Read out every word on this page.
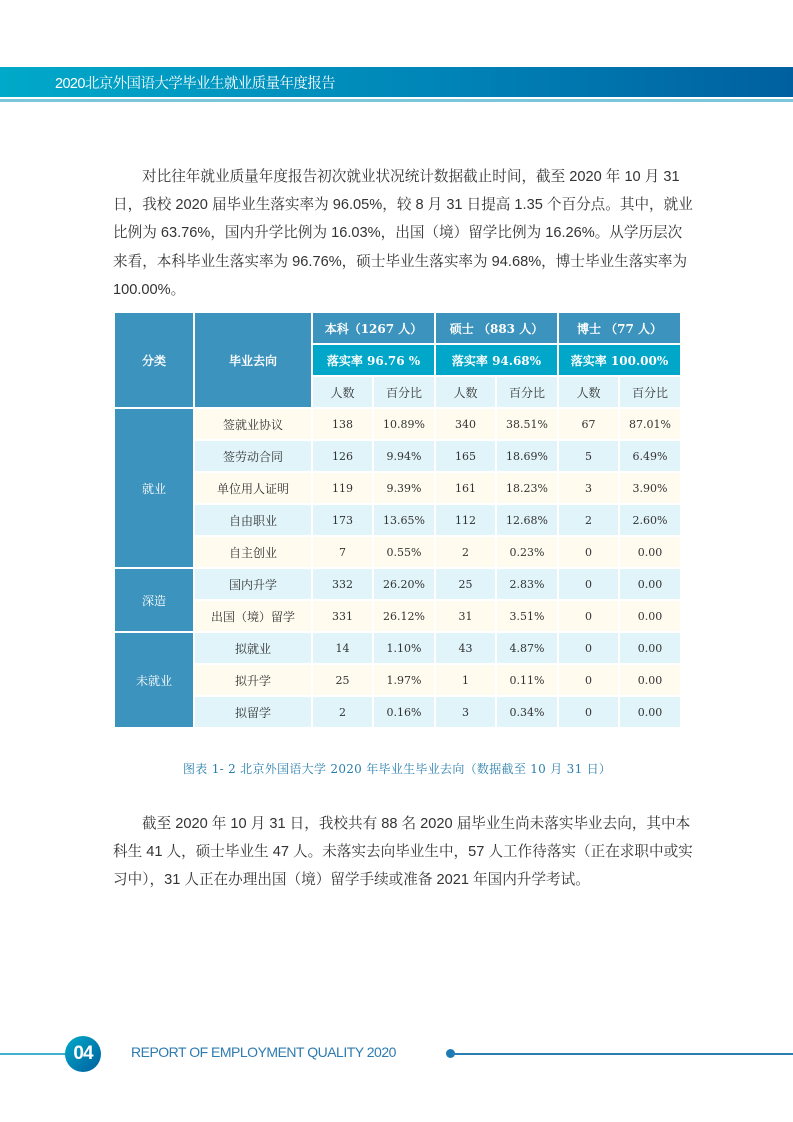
2020北京外国语大学毕业生就业质量年度报告
对比往年就业质量年度报告初次就业状况统计数据截止时间，截至 2020 年 10 月 31
日，我校 2020 届毕业生落实率为 96.05%，较 8 月 31 日提高 1.35 个百分点。其中，就业
比例为 63.76%，国内升学比例为 16.03%，出国（境）留学比例为 16.26%。从学历层次
来看，本科毕业生落实率为 96.76%，硕士毕业生落实率为 94.68%，博士毕业生落实率为
100.00%。
分类	毕业去向	本科（1267 人）		硕士 （883 人）		博士 （77 人）	
		落实率 96.76 %		落实率 94.68%		落实率 100.00%	
		人数	百分比	人数	百分比	人数	百分比
就业	签就业协议	138	10.89%	340	38.51%	67	87.01%
	签劳动合同	126	9.94%	165	18.69%	5	6.49%
	单位用人证明	119	9.39%	161	18.23%	3	3.90%
	自由职业	173	13.65%	112	12.68%	2	2.60%
	自主创业	7	0.55%	2	0.23%	0	0.00
深造	国内升学	332	26.20%	25	2.83%	0	0.00
	出国（境）留学	331	26.12%	31	3.51%	0	0.00
未就业	拟就业	14	1.10%	43	4.87%	0	0.00
	拟升学	25	1.97%	1	0.11%	0	0.00
	拟留学	2	0.16%	3	0.34%	0	0.00
图表 1- 2 北京外国语大学 2020 年毕业生毕业去向（数据截至 10 月 31 日）
截至 2020 年 10 月 31 日，我校共有 88 名 2020 届毕业生尚未落实毕业去向，其中本
科生 41 人，硕士毕业生 47 人。未落实去向毕业生中，57 人工作待落实（正在求职中或实
习中），31 人正在办理出国（境）留学手续或准备 2021 年国内升学考试。
04	REPORT OF EMPLOYMENT QUALITY 2020
